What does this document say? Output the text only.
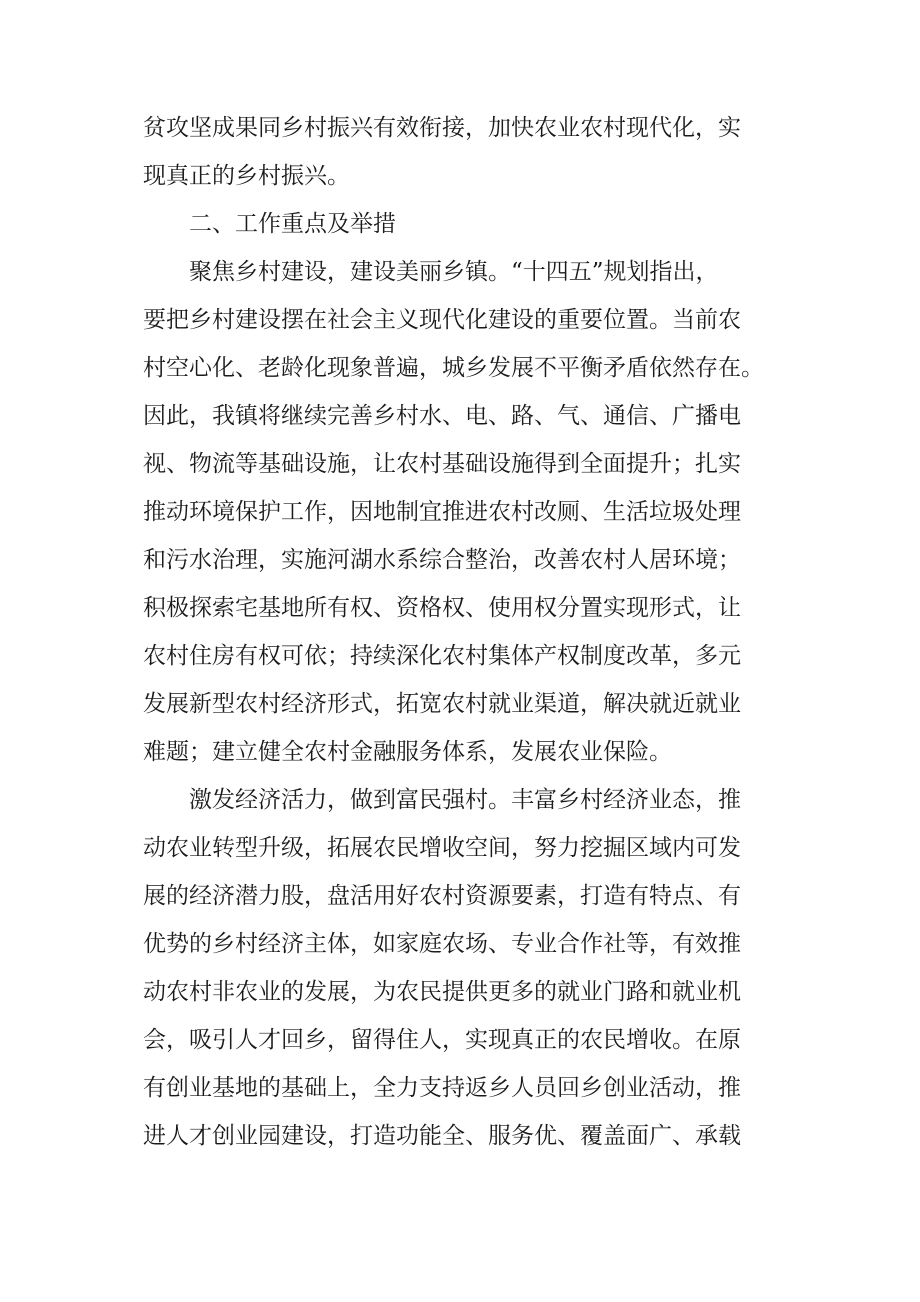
贫攻坚成果同乡村振兴有效衔接，加快农业农村现代化，实
现真正的乡村振兴。
　　二、工作重点及举措
　　聚焦乡村建设，建设美丽乡镇。“十四五”规划指出，
要把乡村建设摆在社会主义现代化建设的重要位置。当前农
村空心化、老龄化现象普遍，城乡发展不平衡矛盾依然存在。
因此，我镇将继续完善乡村水、电、路、气、通信、广播电
视、物流等基础设施，让农村基础设施得到全面提升；扎实
推动环境保护工作，因地制宜推进农村改厕、生活垃圾处理
和污水治理，实施河湖水系综合整治，改善农村人居环境；
积极探索宅基地所有权、资格权、使用权分置实现形式，让
农村住房有权可依；持续深化农村集体产权制度改革，多元
发展新型农村经济形式，拓宽农村就业渠道，解决就近就业
难题；建立健全农村金融服务体系，发展农业保险。
　　激发经济活力，做到富民强村。丰富乡村经济业态，推
动农业转型升级，拓展农民增收空间，努力挖掘区域内可发
展的经济潜力股，盘活用好农村资源要素，打造有特点、有
优势的乡村经济主体，如家庭农场、专业合作社等，有效推
动农村非农业的发展，为农民提供更多的就业门路和就业机
会，吸引人才回乡，留得住人，实现真正的农民增收。在原
有创业基地的基础上，全力支持返乡人员回乡创业活动，推
进人才创业园建设，打造功能全、服务优、覆盖面广、承载
